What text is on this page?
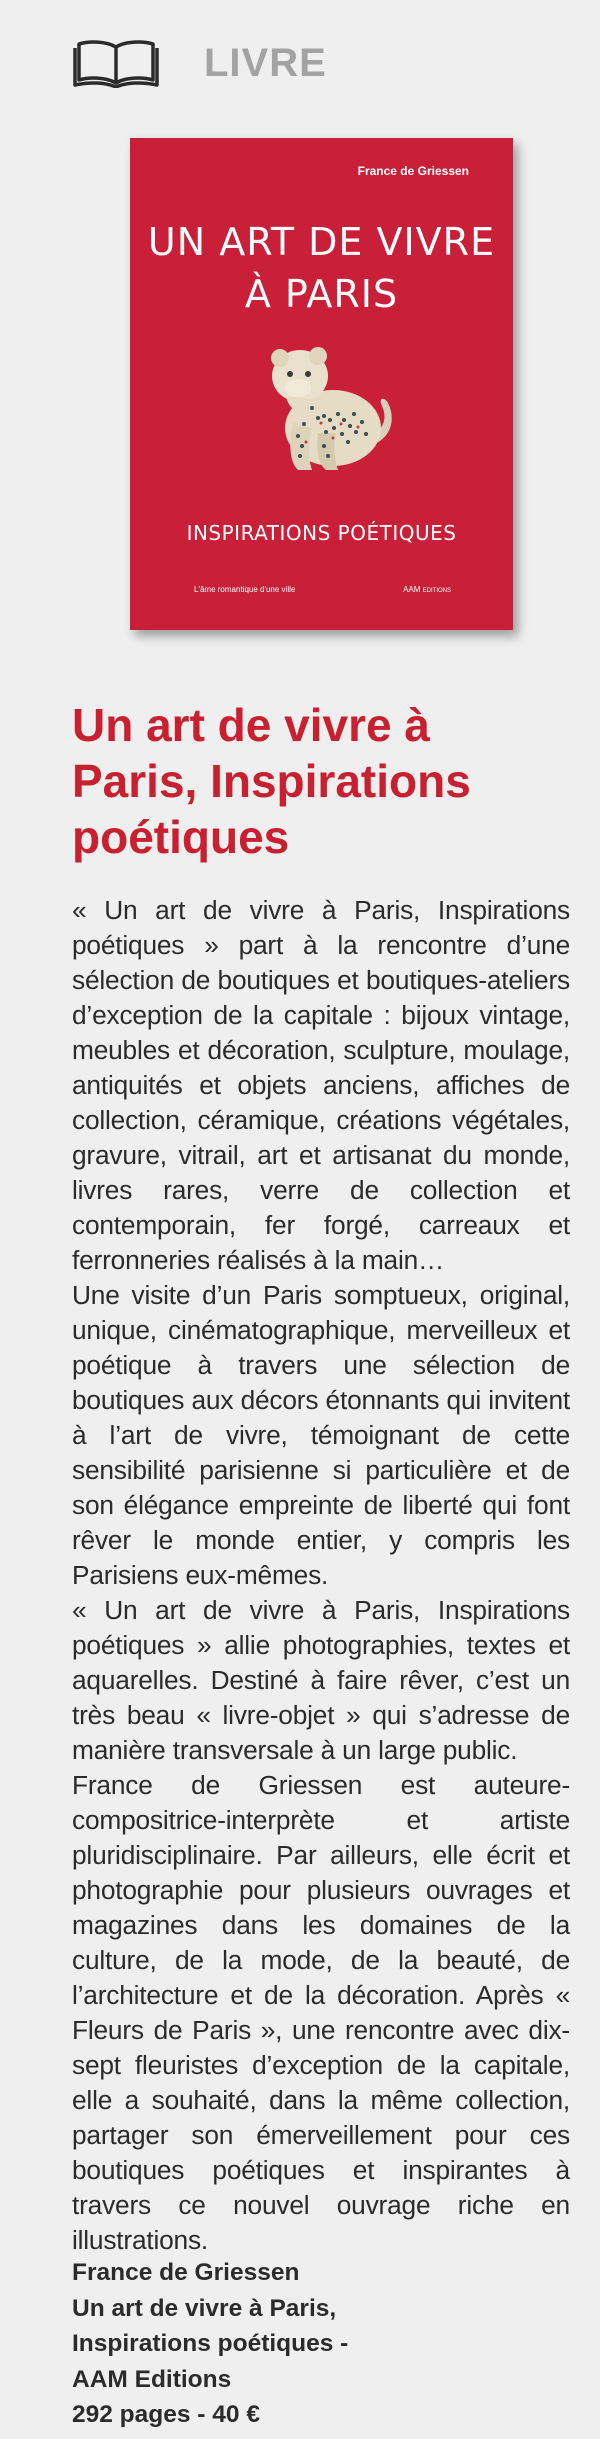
LIVRE
France de Griessen
UN ART DE VIVRE
À PARIS
INSPIRATIONS POÉTIQUES
L'âme romantique d'une ville	AAM EDITIONS
Un art de vivre à Paris, Inspirations poétiques

« Un art de vivre à Paris, Inspirations poétiques » part à la rencontre d’une sélection de boutiques et boutiques-ateliers d’exception de la capitale : bijoux vintage, meubles et décoration, sculpture, moulage, antiquités et objets anciens, affiches de collection, céramique, créations végétales, gravure, vitrail, art et artisanat du monde, livres rares, verre de collection et contemporain, fer forgé, carreaux et ferronneries réalisés à la main…

Une visite d’un Paris somptueux, original, unique, cinématographique, merveilleux et poétique à travers une sélection de boutiques aux décors étonnants qui invitent à l’art de vivre, témoignant de cette sensibilité parisienne si particulière et de son élégance empreinte de liberté qui font rêver le monde entier, y compris les Parisiens eux-mêmes.

« Un art de vivre à Paris, Inspirations poétiques » allie photographies, textes et aquarelles. Destiné à faire rêver, c’est un très beau « livre-objet » qui s’adresse de manière transversale à un large public.

France de Griessen est auteure-compositrice-interprète et artiste pluridisciplinaire. Par ailleurs, elle écrit et photographie pour plusieurs ouvrages et magazines dans les domaines de la culture, de la mode, de la beauté, de l’architecture et de la décoration. Après « Fleurs de Paris », une rencontre avec dix-sept fleuristes d’exception de la capitale, elle a souhaité, dans la même collection, partager son émerveillement pour ces boutiques poétiques et inspirantes à travers ce nouvel ouvrage riche en illustrations.

France de Griessen
Un art de vivre à Paris,
Inspirations poétiques -
AAM Editions
292 pages - 40 €
